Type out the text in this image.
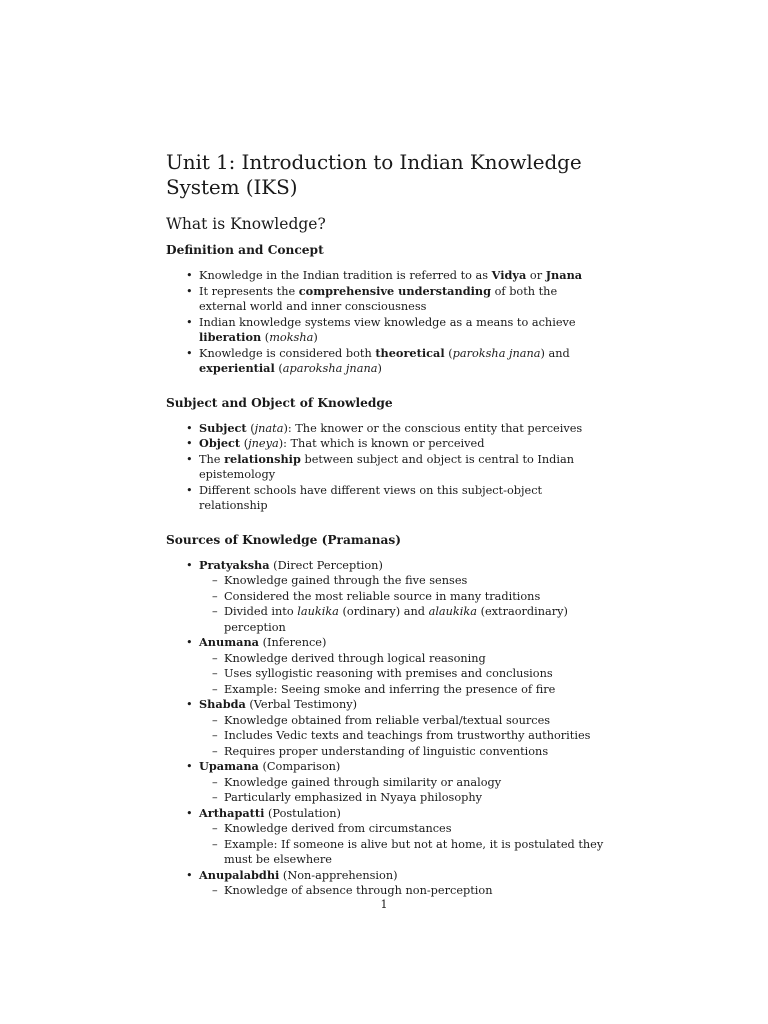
Unit 1: Introduction to Indian Knowledge System (IKS)
What is Knowledge?
Definition and Concept
• Knowledge in the Indian tradition is referred to as Vidya or Jnana
• It represents the comprehensive understanding of both the external world and inner consciousness
• Indian knowledge systems view knowledge as a means to achieve liberation (moksha)
• Knowledge is considered both theoretical (paroksha jnana) and experiential (aparoksha jnana)
Subject and Object of Knowledge
• Subject (jnata): The knower or the conscious entity that perceives
• Object (jneya): That which is known or perceived
• The relationship between subject and object is central to Indian epistemology
• Different schools have different views on this subject-object relationship
Sources of Knowledge (Pramanas)
• Pratyaksha (Direct Perception)
– Knowledge gained through the five senses
– Considered the most reliable source in many traditions
– Divided into laukika (ordinary) and alaukika (extraordinary) perception
• Anumana (Inference)
– Knowledge derived through logical reasoning
– Uses syllogistic reasoning with premises and conclusions
– Example: Seeing smoke and inferring the presence of fire
• Shabda (Verbal Testimony)
– Knowledge obtained from reliable verbal/textual sources
– Includes Vedic texts and teachings from trustworthy authorities
– Requires proper understanding of linguistic conventions
• Upamana (Comparison)
– Knowledge gained through similarity or analogy
– Particularly emphasized in Nyaya philosophy
• Arthapatti (Postulation)
– Knowledge derived from circumstances
– Example: If someone is alive but not at home, it is postulated they must be elsewhere
• Anupalabdhi (Non-apprehension)
– Knowledge of absence through non-perception
1
